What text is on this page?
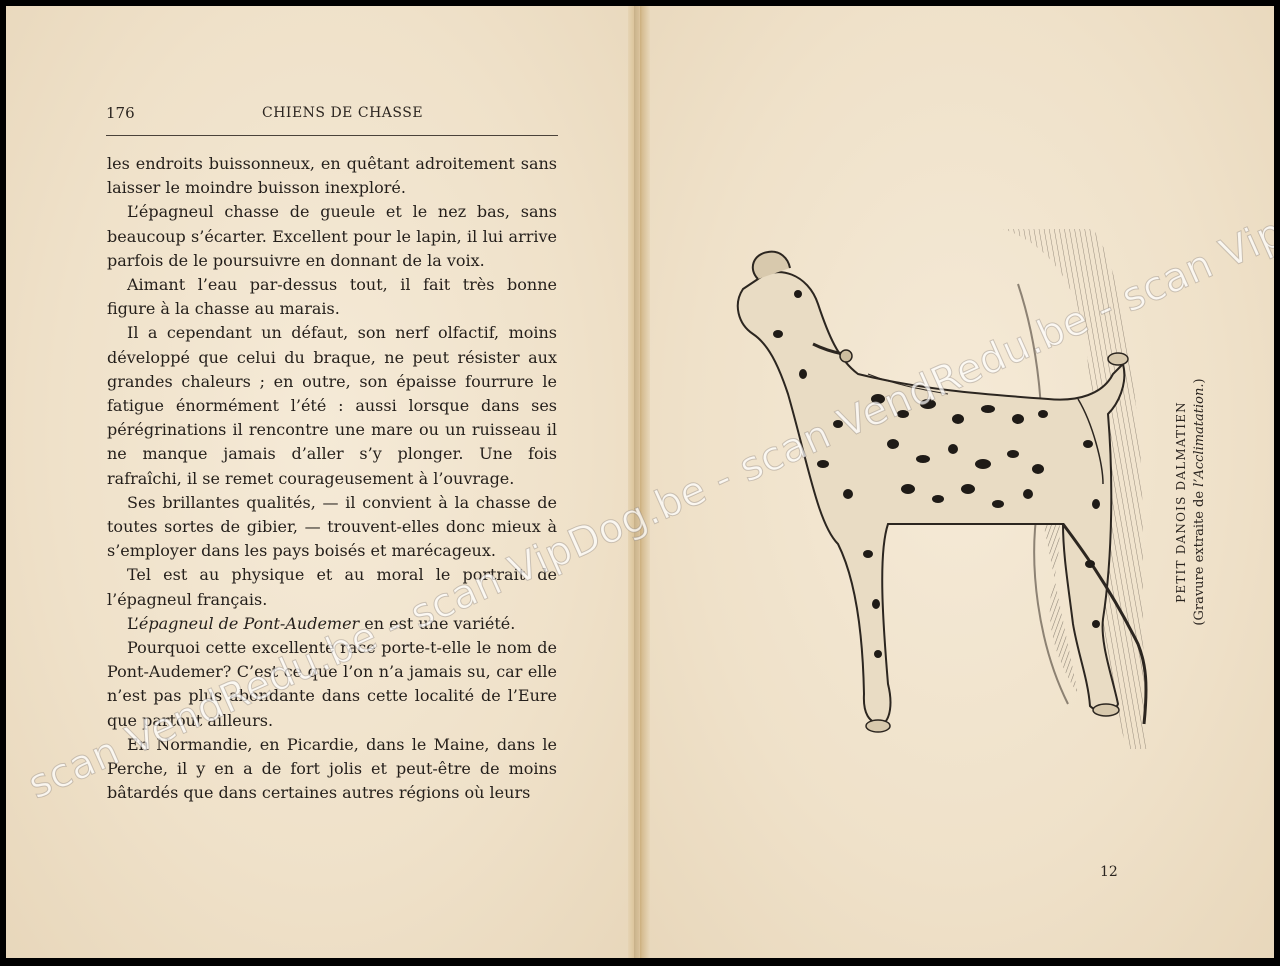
176	CHIENS DE CHASSE

les endroits buissonneux, en quêtant adroitement sans laisser le moindre buisson inexploré.

L’épagneul chasse de gueule et le nez bas, sans beaucoup s’écarter. Excellent pour le lapin, il lui arrive parfois de le poursuivre en donnant de la voix.

Aimant l’eau par-dessus tout, il fait très bonne figure à la chasse au marais.

Il a cependant un défaut, son nerf olfactif, moins développé que celui du braque, ne peut résister aux grandes chaleurs ; en outre, son épaisse fourrure le fatigue énormément l’été : aussi lorsque dans ses pérégrinations il rencontre une mare ou un ruisseau il ne manque jamais d’aller s’y plonger. Une fois rafraîchi, il se remet courageusement à l’ouvrage.

Ses brillantes qualités, — il convient à la chasse de toutes sortes de gibier, — trouvent-elles donc mieux à s’employer dans les pays boisés et marécageux.

Tel est au physique et au moral le portrait de l’épagneul français.

L’épagneul de Pont-Audemer en est une variété.

Pourquoi cette excellente race porte-t-elle le nom de Pont-Audemer? C’est ce que l’on n’a jamais su, car elle n’est pas plus abondante dans cette localité de l’Eure que partout ailleurs.

En Normandie, en Picardie, dans le Maine, dans le Perche, il y en a de fort jolis et peut-être de moins bâtardés que dans certaines autres régions où leurs

PETIT DANOIS DALMATIEN (Gravure extraite de l’Acclimatation.)
12
scan VendRedu.be - scan VipDog.be - scan VendRedu.be - scan
